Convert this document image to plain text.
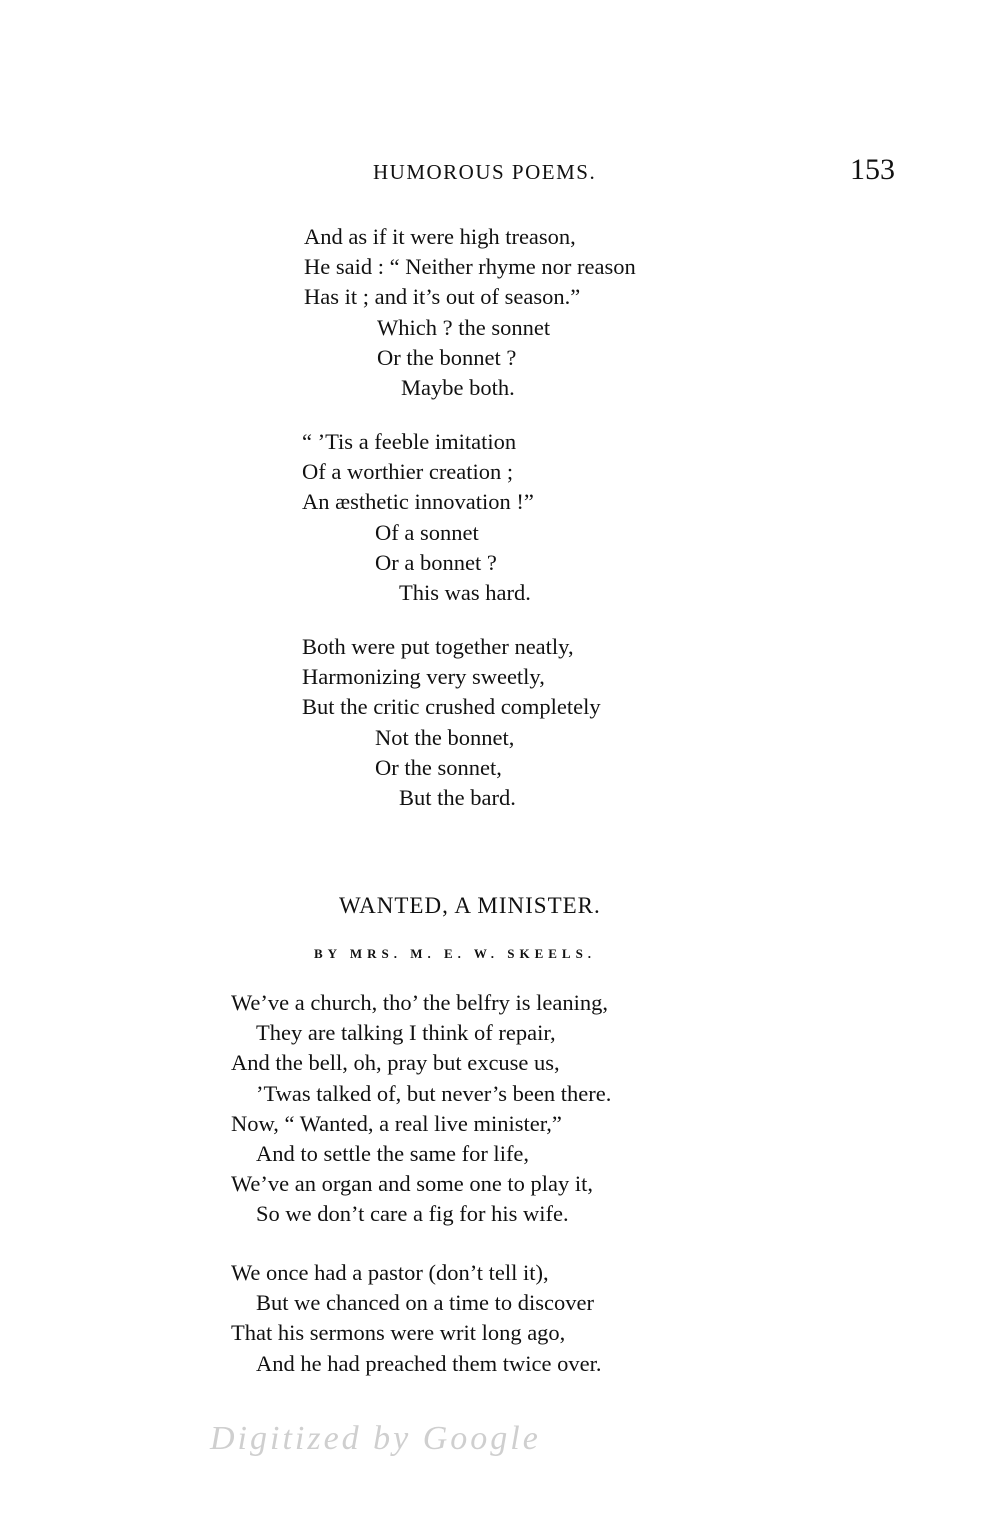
HUMOROUS POEMS.	153
And as if it were high treason,
He said : “ Neither rhyme nor reason
Has it ; and it’s out of season.”
Which ? the sonnet
Or the bonnet ?
Maybe both.
“ ’Tis a feeble imitation
Of a worthier creation ;
An æsthetic innovation !”
Of a sonnet
Or a bonnet ?
This was hard.
Both were put together neatly,
Harmonizing very sweetly,
But the critic crushed completely
Not the bonnet,
Or the sonnet,
But the bard.
WANTED, A MINISTER.
BY MRS. M. E. W. SKEELS.
We’ve a church, tho’ the belfry is leaning,
They are talking I think of repair,
And the bell, oh, pray but excuse us,
’Twas talked of, but never’s been there.
Now, “ Wanted, a real live minister,”
And to settle the same for life,
We’ve an organ and some one to play it,
So we don’t care a fig for his wife.
We once had a pastor (don’t tell it),
But we chanced on a time to discover
That his sermons were writ long ago,
And he had preached them twice over.
Digitized by Google
